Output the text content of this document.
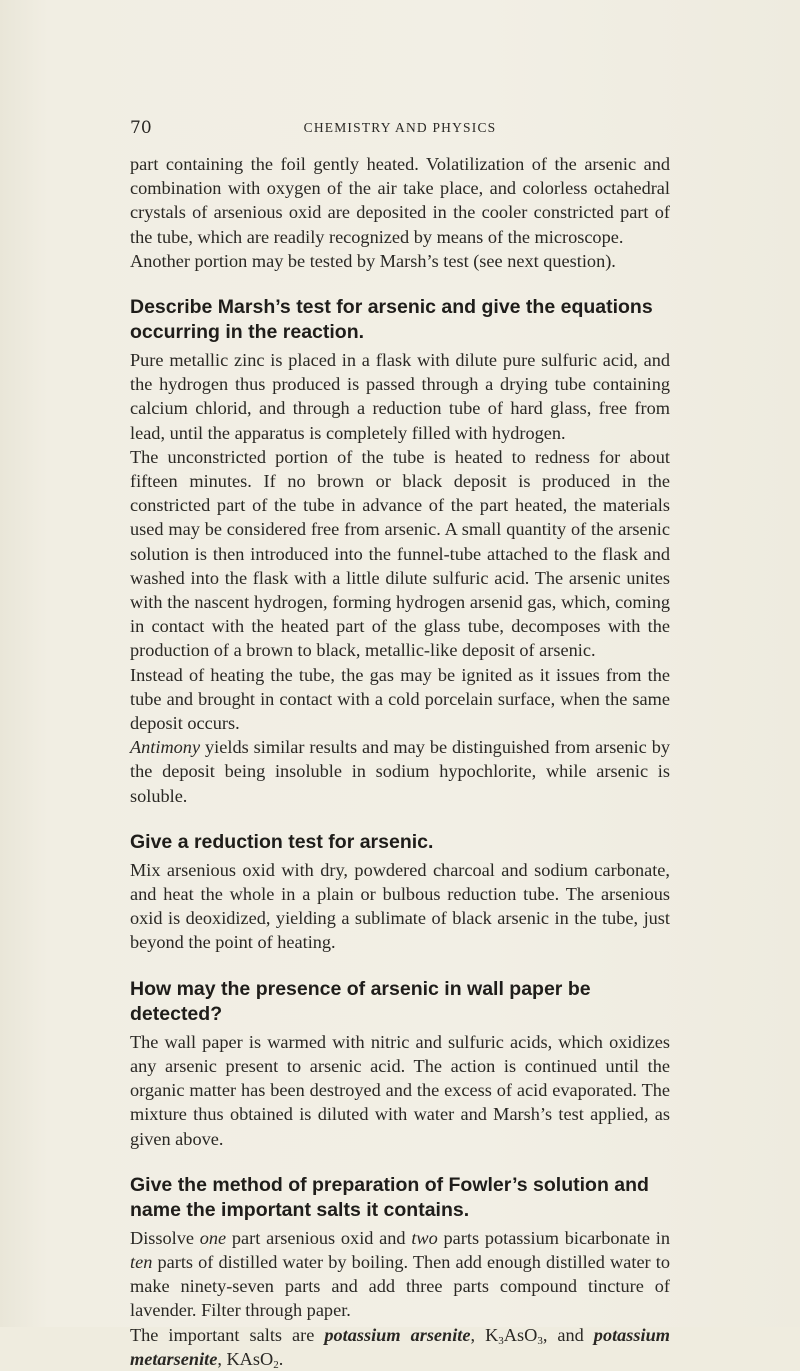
70	CHEMISTRY AND PHYSICS

part containing the foil gently heated. Volatilization of the arsenic and combination with oxygen of the air take place, and colorless octahedral crystals of arsenious oxid are deposited in the cooler constricted part of the tube, which are readily recognized by means of the microscope.

Another portion may be tested by Marsh’s test (see next question).

Describe Marsh’s test for arsenic and give the equations occurring in the reaction.

Pure metallic zinc is placed in a flask with dilute pure sulfuric acid, and the hydrogen thus produced is passed through a drying tube containing calcium chlorid, and through a reduction tube of hard glass, free from lead, until the apparatus is completely filled with hydrogen.

The unconstricted portion of the tube is heated to redness for about fifteen minutes. If no brown or black deposit is produced in the constricted part of the tube in advance of the part heated, the materials used may be considered free from arsenic. A small quantity of the arsenic solution is then introduced into the funnel-tube attached to the flask and washed into the flask with a little dilute sulfuric acid. The arsenic unites with the nascent hydrogen, forming hydrogen arsenid gas, which, coming in contact with the heated part of the glass tube, decomposes with the production of a brown to black, metallic-like deposit of arsenic.

Instead of heating the tube, the gas may be ignited as it issues from the tube and brought in contact with a cold porcelain surface, when the same deposit occurs.

Antimony yields similar results and may be distinguished from arsenic by the deposit being insoluble in sodium hypochlorite, while arsenic is soluble.

Give a reduction test for arsenic.

Mix arsenious oxid with dry, powdered charcoal and sodium carbonate, and heat the whole in a plain or bulbous reduction tube. The arsenious oxid is deoxidized, yielding a sublimate of black arsenic in the tube, just beyond the point of heating.

How may the presence of arsenic in wall paper be detected?

The wall paper is warmed with nitric and sulfuric acids, which oxidizes any arsenic present to arsenic acid. The action is continued until the organic matter has been destroyed and the excess of acid evaporated. The mixture thus obtained is diluted with water and Marsh’s test applied, as given above.

Give the method of preparation of Fowler’s solution and name the important salts it contains.

Dissolve one part arsenious oxid and two parts potassium bicarbonate in ten parts of distilled water by boiling. Then add enough distilled water to make ninety-seven parts and add three parts compound tincture of lavender. Filter through paper.

The important salts are potassium arsenite, $K_3AsO_3$, and potassium metarsenite, KAsO$_2$.
